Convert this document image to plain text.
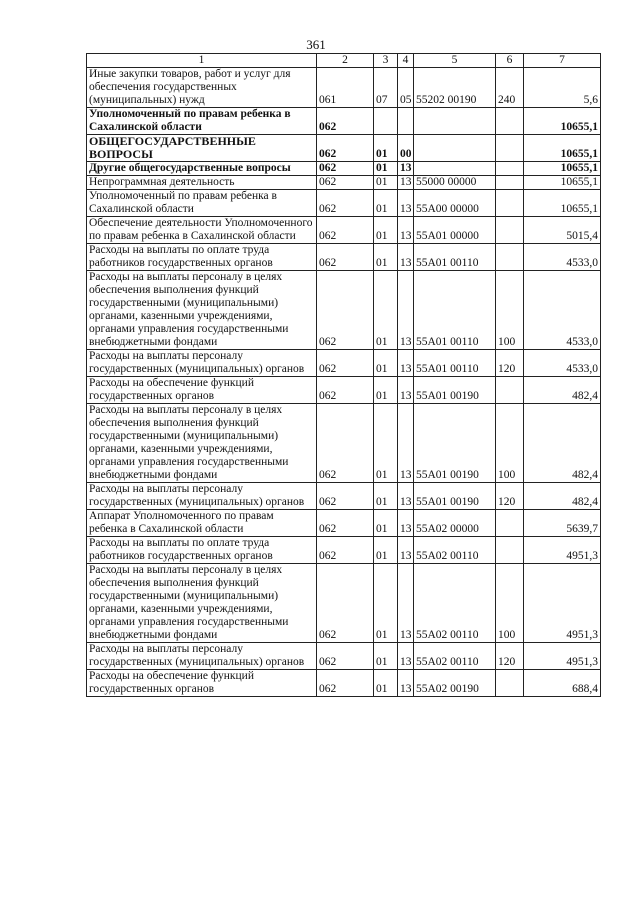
361
1	2	3	4	5	6	7
Иные закупки товаров, работ и услуг для обеспечения государственных (муниципальных) нужд	061	07	05	55202 00190	240	5,6
Уполномоченный по правам ребенка в Сахалинской области	062					10655,1
ОБЩЕГОСУДАРСТВЕННЫЕ ВОПРОСЫ	062	01	00			10655,1
Другие общегосударственные вопросы	062	01	13			10655,1
Непрограммная деятельность	062	01	13	55000 00000		10655,1
Уполномоченный по правам ребенка в Сахалинской области	062	01	13	55А00 00000		10655,1
Обеспечение деятельности Уполномоченного по правам ребенка в Сахалинской области	062	01	13	55А01 00000		5015,4
Расходы на выплаты по оплате труда работников государственных органов	062	01	13	55А01 00110		4533,0
Расходы на выплаты персоналу в целях обеспечения выполнения функций государственными (муниципальными) органами, казенными учреждениями, органами управления государственными внебюджетными фондами	062	01	13	55А01 00110	100	4533,0
Расходы на выплаты персоналу государственных (муниципальных) органов	062	01	13	55А01 00110	120	4533,0
Расходы на обеспечение функций государственных органов	062	01	13	55А01 00190		482,4
Расходы на выплаты персоналу в целях обеспечения выполнения функций государственными (муниципальными) органами, казенными учреждениями, органами управления государственными внебюджетными фондами	062	01	13	55А01 00190	100	482,4
Расходы на выплаты персоналу государственных (муниципальных) органов	062	01	13	55А01 00190	120	482,4
Аппарат Уполномоченного по правам ребенка в Сахалинской области	062	01	13	55А02 00000		5639,7
Расходы на выплаты по оплате труда работников государственных органов	062	01	13	55А02 00110		4951,3
Расходы на выплаты персоналу в целях обеспечения выполнения функций государственными (муниципальными) органами, казенными учреждениями, органами управления государственными внебюджетными фондами	062	01	13	55А02 00110	100	4951,3
Расходы на выплаты персоналу государственных (муниципальных) органов	062	01	13	55А02 00110	120	4951,3
Расходы на обеспечение функций государственных органов	062	01	13	55А02 00190		688,4
